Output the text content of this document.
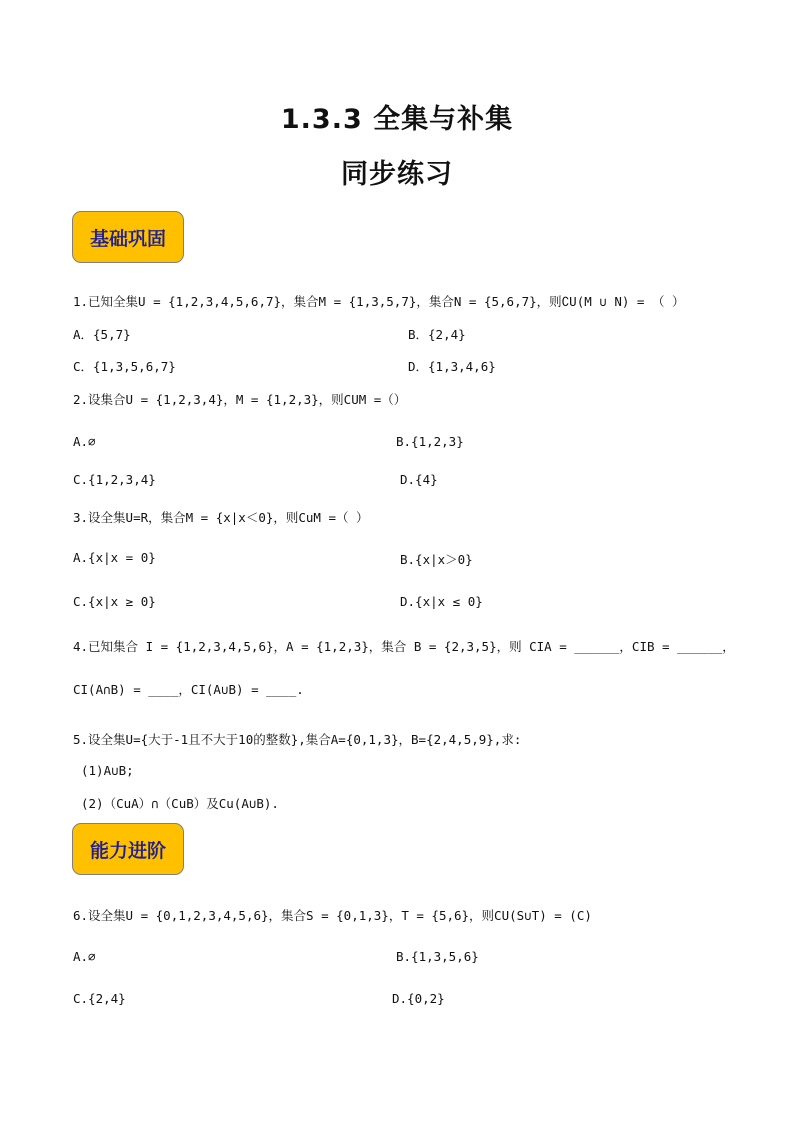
1.3.3 全集与补集
同步练习
基础巩固
1.已知全集U = {1,2,3,4,5,6,7}，集合M = {1,3,5,7}，集合N = {5,6,7}，则∁U(M ∪ N) = （ ）
A．{5,7}	B．{2,4}
C．{1,3,5,6,7}	D．{1,3,4,6}
2.设集合U = {1,2,3,4}，M = {1,2,3}，则CUM =（）
A.∅	B.{1,2,3}
C.{1,2,3,4}	D.{4}
3.设全集U=R，集合M = {x|x＜0}，则CuM =（ ）
A.{x|x = 0}	B.{x|x＞0}
C.{x|x ≥ 0}	D.{x|x ≤ 0}
4.已知集合 I = {1,2,3,4,5,6}，A = {1,2,3}，集合 B = {2,3,5}，则 CIA = ______，CIB = ______，
CI(A∩B) = ____，CI(A∪B) = ____.
5.设全集U={大于-1且不大于10的整数},集合A={0,1,3}，B={2,4,5,9},求:
(1)A∪B;
(2)（CuA）∩（CuB）及Cu(A∪B).
能力进阶
6.设全集U = {0,1,2,3,4,5,6}，集合S = {0,1,3}，T = {5,6}，则CU(S∪T) = (C)
A.∅	B.{1,3,5,6}
C.{2,4}	D.{0,2}
